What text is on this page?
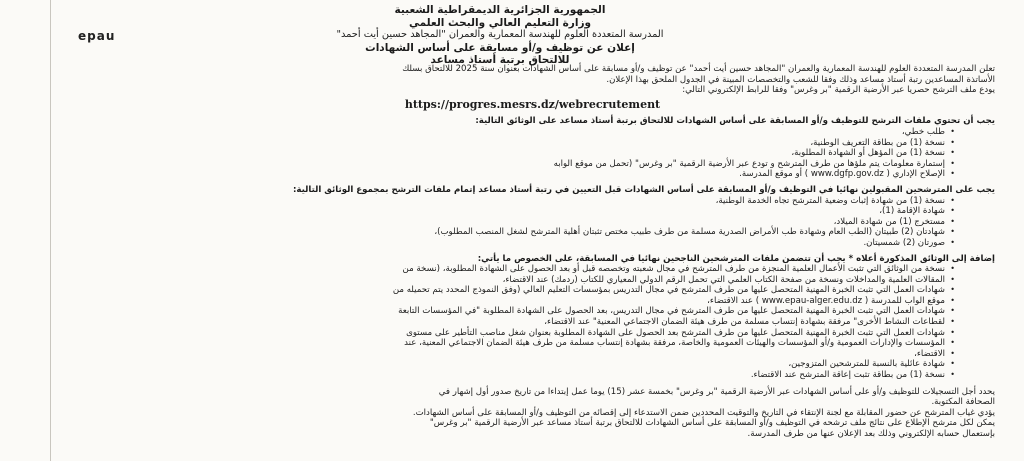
epau
الجمهورية الجزائرية الديمقراطية الشعبية
وزارة التعليم العالي والبحث العلمي
المدرسة المتعددة العلوم للهندسة المعمارية والعمران "المجاهد حسين أيت أحمد"
إعلان عن توظيف و/أو مسابقة على أساس الشهادات
للالتحاق برتبة أستاذ مساعد

تعلن المدرسة المتعددة العلوم للهندسة المعمارية والعمران "المجاهد حسين أيت أحمد" عن توظيف و/أو مسابقة على أساس الشهادات بعنوان سنة 2025 للالتحاق بسلك

الأساتذة المساعدين رتبة أستاذ مساعد وذلك وفقا للشعب والتخصصات المبينة في الجدول الملحق بهذا الإعلان.

يودع ملف الترشح حصريا عبر الأرضية الرقمية "بر وغرس" وفقا للرابط الإلكتروني التالي:

https://progres.mesrs.dz/webrecrutement

يجب أن تحتوي ملفات الترشح للتوظيف و/أو المسابقة على أساس الشهادات للالتحاق برتبة أستاذ مساعد على الوثائق التالية:

• طلب خطي،
• نسخة (1) من بطاقة التعريف الوطنية،
• نسخة (1) من المؤهل أو الشهادة المطلوبة،
• إستمارة معلومات يتم ملؤها من طرف المترشح و تودع عبر الأرضية الرقمية "بر وغرس" (تحمل من موقع الوابه
• الإصلاح الإداري ( www.dgfp.gov.dz ) أو موقع المدرسة.

يجب على المترشحين المقبولين نهائيا في التوظيف و/أو المسابقة على أساس الشهادات قبل التعيين في رتبة أستاذ مساعد إتمام ملفات الترشح بمجموع الوثائق التالية:

• نسخة (1) من شهادة إثبات وضعية المترشح تجاه الخدمة الوطنية،
• شهادة الإقامة (1)،
• مستخرج (1) من شهادة الميلاد،
• شهادتان (2) طبيتان (الطب العام وشهادة طب الأمراض الصدرية مسلمة من طرف طبيب مختص تثبتان أهلية المترشح لشغل المنصب المطلوب)،
• صورتان (2) شمسيتان.

إضافة إلى الوثائق المذكورة أعلاه * يجب أن تتضمن ملفات المترشحين الناجحين نهائيا في المسابقة، على الخصوص ما يأتي:

• نسخة من الوثائق التي تثبت الأعمال العلمية المنجزة من طرف المترشح في مجال شعبته وتخصصه قبل أو بعد الحصول على الشهادة المطلوبة، (نسخة من
• المقالات العلمية والمداخلات ونسخة من صفحة الكتاب العلمي التي تحمل الرقم الدولي المعياري للكتاب (ردمك) عند الاقتضاء،
• شهادات العمل التي تثبت الخبرة المهنية المتحصل عليها من طرف المترشح في مجال التدريس بمؤسسات التعليم العالي (وفق النموذج المحدد يتم تحميله من
• موقع الواب للمدرسة ( www.epau-alger.edu.dz ) عند الاقتضاء،
• شهادات العمل التي تثبت الخبرة المهنية المتحصل عليها من طرف المترشح في مجال التدريس، بعد الحصول على الشهادة المطلوبة "في المؤسسات التابعة
• لقطاعات النشاط الأخرى" مرفقة بشهادة إنتساب مسلمة من طرف هيئة الضمان الاجتماعي المعنية" عند الاقتضاء،
• شهادات العمل التي تثبت الخبرة المهنية المتحصل عليها من طرف المترشح بعد الحصول على الشهادة المطلوبة بعنوان شغل مناصب التأطير على مستوى
• المؤسسات والإدارات العمومية و/أو المؤسسات والهيئات العمومية والخاصة، مرفقة بشهادة إنتساب مسلمة من طرف هيئة الضمان الاجتماعي المعنية، عند
• الاقتضاء،
• شهادة عائلية بالنسبة للمترشحين المتزوجين،
• نسخة (1) من بطاقة تثبت إعاقة المترشح عند الاقتضاء.

يحدد أجل التسجيلات للتوظيف و/أو على أساس الشهادات عبر الأرضية الرقمية "بر وغرس" بخمسة عشر (15) يوما عمل إبتداءا من تاريخ صدور أول إشهار في

الصحافة المكتوبة.

يؤدي غياب المترشح عن حضور المقابلة مع لجنة الإنتقاء في التاريخ والتوقيت المحددين ضمن الاستدعاء إلى إقصائه من التوظيف و/أو المسابقة على أساس الشهادات.

يمكن لكل مترشح الإطلاع على نتائج ملف ترشحه في التوظيف و/أو المسابقة على أساس الشهادات للالتحاق برتبة أستاذ مساعد عبر الأرضية الرقمية "بر وغرس"

بإستعمال حسابه الإلكتروني وذلك بعد الإعلان عنها من طرف المدرسة.
